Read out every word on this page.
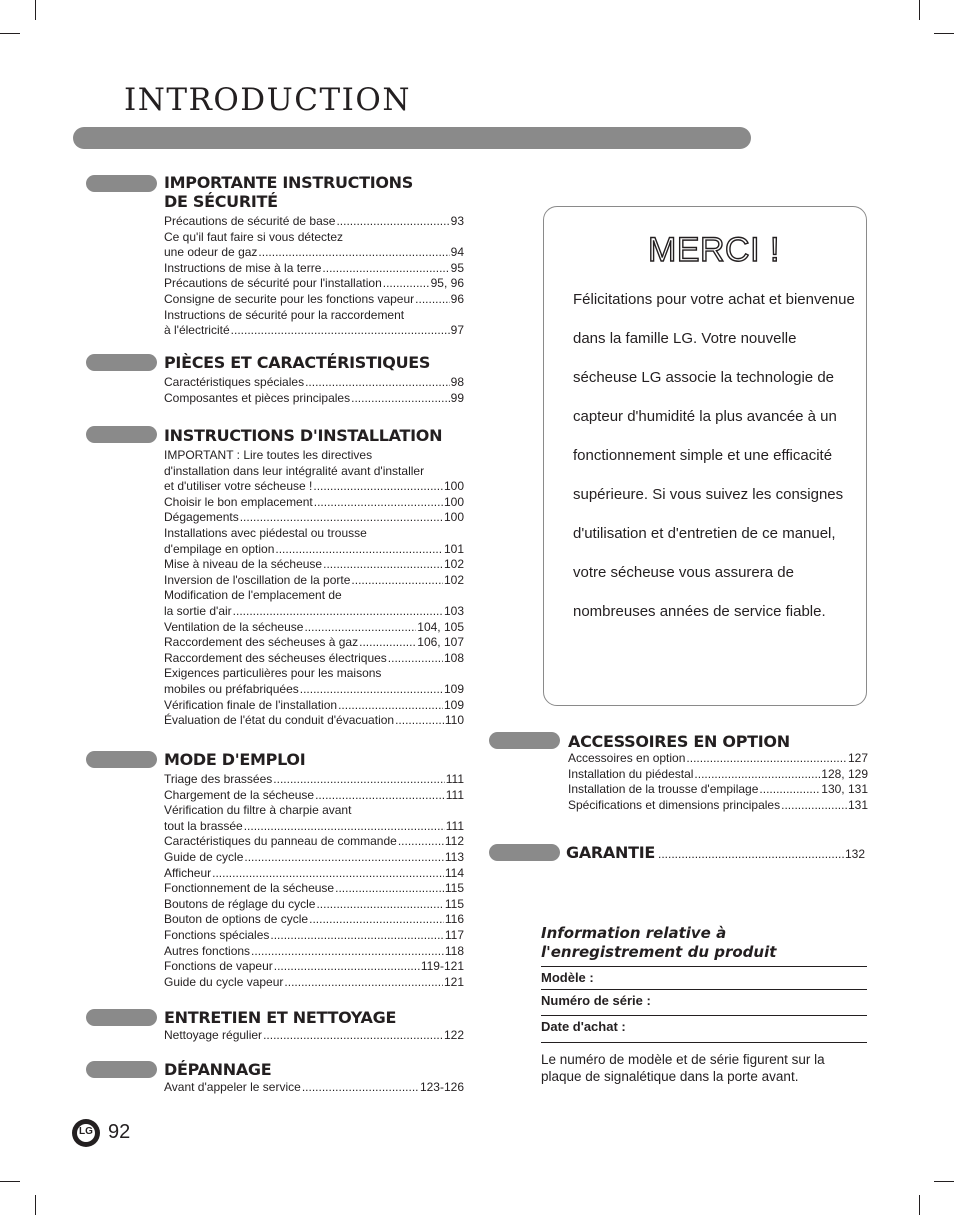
INTRODUCTION
IMPORTANTE INSTRUCTIONS DE SÉCURITÉ
Précautions de sécurité de base .....	93
Ce qu'il faut faire si vous détectez
une odeur de gaz .....	94
Instructions de mise à la terre .....	95
Précautions de sécurité pour l'installation .....	95, 96
Consigne de securite pour les fonctions vapeur .....	96
Instructions de sécurité pour la raccordement
à l'électricité .....	97
PIÈCES ET CARACTÉRISTIQUES
Caractéristiques spéciales .....	98
Composantes et pièces principales .....	99
INSTRUCTIONS D'INSTALLATION
IMPORTANT : Lire toutes les directives
d'installation dans leur intégralité avant d'installer
et d'utiliser votre sécheuse ! .....	100
Choisir le bon emplacement .....	100
Dégagements .....	100
Installations avec piédestal ou trousse
d'empilage en option .....	101
Mise à niveau de la sécheuse .....	102
Inversion de l'oscillation de la porte .....	102
Modification de l'emplacement de
la sortie d'air .....	103
Ventilation de la sécheuse .....	104, 105
Raccordement des sécheuses à gaz .....	106, 107
Raccordement des sécheuses électriques .....	108
Exigences particulières pour les maisons
mobiles ou préfabriquées .....	109
Vérification finale de l'installation .....	109
Évaluation de l'état du conduit d'évacuation .....	110
MODE D'EMPLOI
Triage des brassées .....	111
Chargement de la sécheuse .....	111
Vérification du filtre à charpie avant
tout la brassée .....	111
Caractéristiques du panneau de commande .....	112
Guide de cycle .....	113
Afficheur .....	114
Fonctionnement de la sécheuse .....	115
Boutons de réglage du cycle .....	115
Bouton de options de cycle .....	116
Fonctions spéciales .....	117
Autres fonctions .....	118
Fonctions de vapeur .....	119-121
Guide du cycle vapeur .....	121
ENTRETIEN ET NETTOYAGE
Nettoyage régulier .....	122
DÉPANNAGE
Avant d'appeler le service .....	123-126
MERCI !

Félicitations pour votre achat et bienvenue dans la famille LG. Votre nouvelle sécheuse LG associe la technologie de capteur d'humidité la plus avancée à un fonctionnement simple et une efficacité supérieure. Si vous suivez les consignes d'utilisation et d'entretien de ce manuel, votre sécheuse vous assurera de nombreuses années de service fiable.

ACCESSOIRES EN OPTION
Accessoires en option .....	127
Installation du piédestal .....	128, 129
Installation de la trousse d'empilage .....	130, 131
Spécifications et dimensions principales .....	131
GARANTIE .....	132
Information relative à l'enregistrement du produit
Modèle :
Numéro de série :
Date d'achat :
Le numéro de modèle et de série figurent sur la plaque de signalétique dans la porte avant.
LG 92
